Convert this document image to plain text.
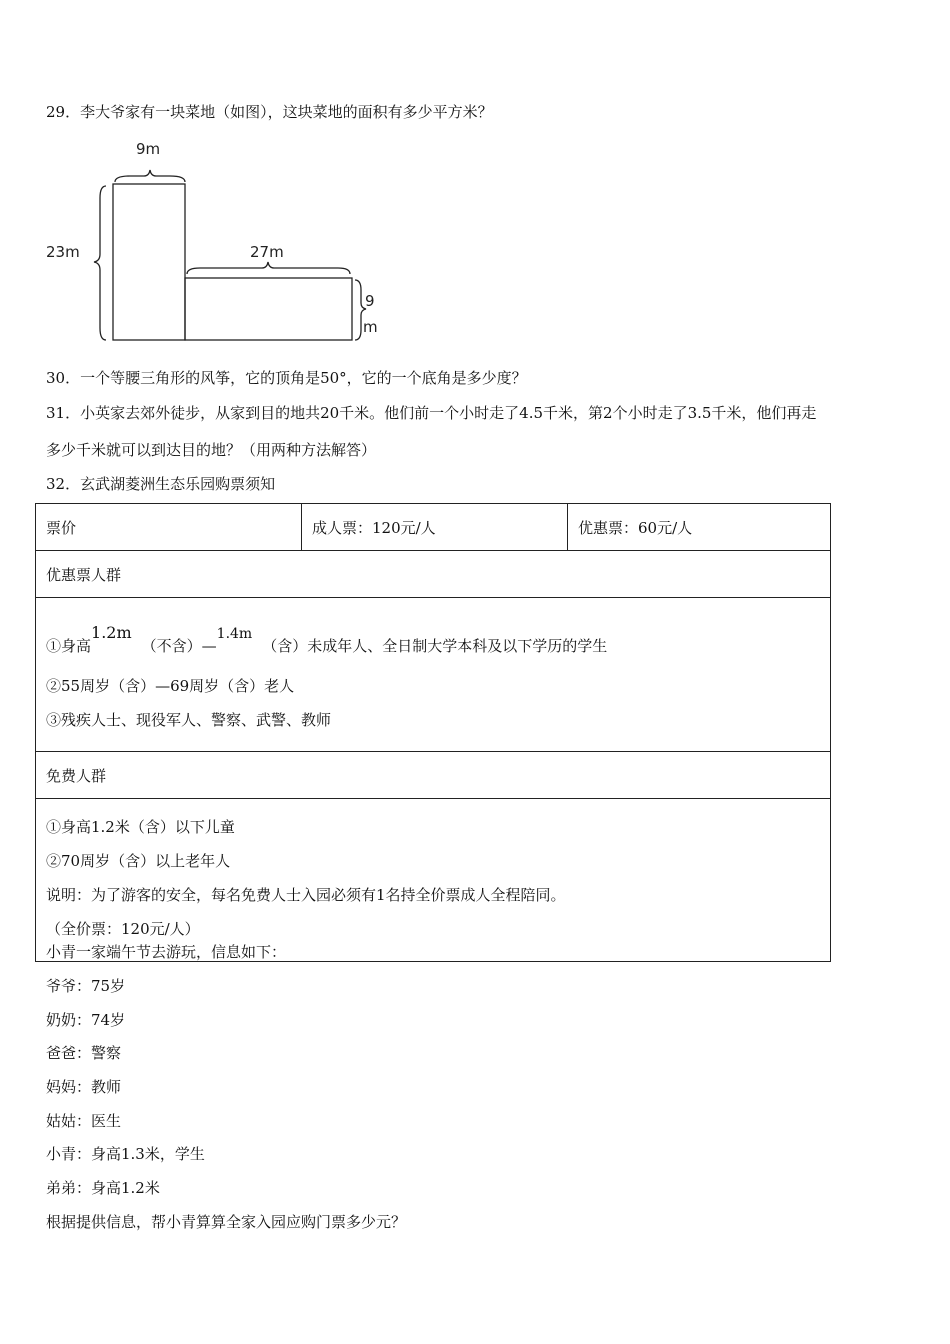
29．李大爷家有一块菜地（如图），这块菜地的面积有多少平方米？
9m
23m	27m
9
m
30．一个等腰三角形的风筝，它的顶角是50°，它的一个底角是多少度？
31．小英家去郊外徒步，从家到目的地共20千米。他们前一个小时走了4.5千米，第2个小时走了3.5千米，他们再走
多少千米就可以到达目的地？（用两种方法解答）
32．玄武湖菱洲生态乐园购票须知
票价	成人票：120元/人	优惠票：60元/人
优惠票人群

①身高1.2m（不含）—1.4m（含）未成年人、全日制大学本科及以下学历的学生
②55周岁（含）—69周岁（含）老人
③残疾人士、现役军人、警察、武警、教师

免费人群

①身高1.2米（含）以下儿童
②70周岁（含）以上老年人
说明：为了游客的安全，每名免费人士入园必须有1名持全价票成人全程陪同。
（全价票：120元/人）
小青一家端午节去游玩，信息如下：
爷爷：75岁
奶奶：74岁
爸爸：警察
妈妈：教师
姑姑：医生
小青：身高1.3米，学生
弟弟：身高1.2米
根据提供信息，帮小青算算全家入园应购门票多少元？
